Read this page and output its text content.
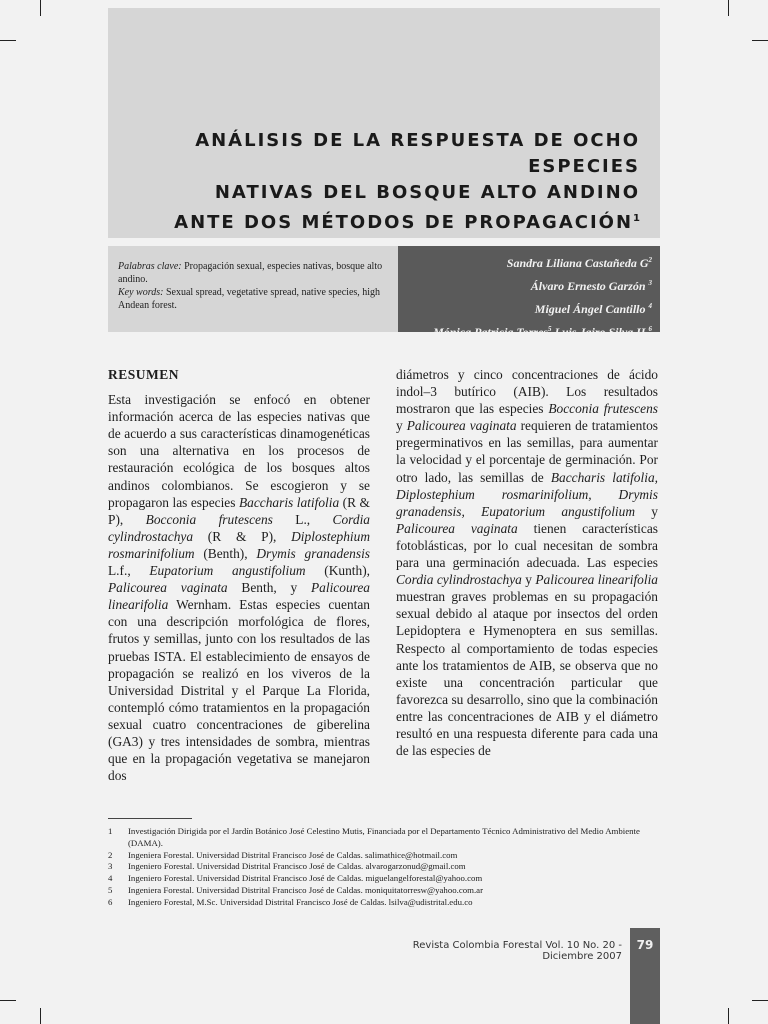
ANÁLISIS DE LA RESPUESTA DE OCHO ESPECIES
NATIVAS DEL BOSQUE ALTO ANDINO
ANTE DOS MÉTODOS DE PROPAGACIÓN$^1$

Palabras clave: Propagación sexual, especies nativas, bosque alto andino.

Key words: Sexual spread, vegetative spread, native species, high Andean forest.

Sandra Liliana Castañeda $G^2$
Álvaro Ernesto Garzón $^3$
Miguel Ángel Cantillo $^4$
Mónica Patricia Torres$^5$ Luis Jairo Silva H.$^6$
RESUMEN

Esta investigación se enfocó en obtener información acerca de las especies nativas que de acuerdo a sus características dinamogenéticas son una alternativa en los procesos de restauración ecológica de los bosques altos andinos colombianos. Se escogieron y se propagaron las especies Baccharis latifolia (R & P), Bocconia frutescens L., Cordia cylindrostachya (R & P), Diplostephium rosmarinifolium (Benth), Drymis granadensis L.f., Eupatorium angustifolium (Kunth), Palicourea vaginata Benth, y Palicourea linearifolia Wernham. Estas especies cuentan con una descripción morfológica de flores, frutos y semillas, junto con los resultados de las pruebas ISTA. El establecimiento de ensayos de propagación se realizó en los viveros de la Universidad Distrital y el Parque La Florida, contempló cómo tratamientos en la propagación sexual cuatro concentraciones de giberelina (GA3) y tres intensidades de sombra, mientras que en la propagación vegetativa se manejaron dos

diámetros y cinco concentraciones de ácido indol–3 butírico (AIB). Los resultados mostraron que las especies Bocconia frutescens y Palicourea vaginata requieren de tratamientos pregerminativos en las semillas, para aumentar la velocidad y el porcentaje de germinación. Por otro lado, las semillas de Baccharis latifolia, Diplostephium rosmarinifolium, Drymis granadensis, Eupatorium angustifolium y Palicourea vaginata tienen características fotoblásticas, por lo cual necesitan de sombra para una germinación adecuada. Las especies Cordia cylindrostachya y Palicourea linearifolia muestran graves problemas en su propagación sexual debido al ataque por insectos del orden Lepidoptera e Hymenoptera en sus semillas. Respecto al comportamiento de todas especies ante los tratamientos de AIB, se observa que no existe una concentración particular que favorezca su desarrollo, sino que la combinación entre las concentraciones de AIB y el diámetro resultó en una respuesta diferente para cada una de las especies de

1	Investigación Dirigida por el Jardín Botánico José Celestino Mutis, Financiada por el Departamento Técnico Administrativo del Medio Ambiente (DAMA).
2	Ingeniera Forestal. Universidad Distrital Francisco José de Caldas. salimathice@hotmail.com
3	Ingeniero Forestal. Universidad Distrital Francisco José de Caldas. alvarogarzonud@gmail.com
4	Ingeniero Forestal. Universidad Distrital Francisco José de Caldas. miguelangelforestal@yahoo.com
5	Ingeniera Forestal. Universidad Distrital Francisco José de Caldas. moniquitatorresw@yahoo.com.ar
6	Ingeniero Forestal, M.Sc. Universidad Distrital Francisco José de Caldas. lsilva@udistrital.edu.co
Revista Colombia Forestal Vol. 10 No. 20 - Diciembre 2007
79
